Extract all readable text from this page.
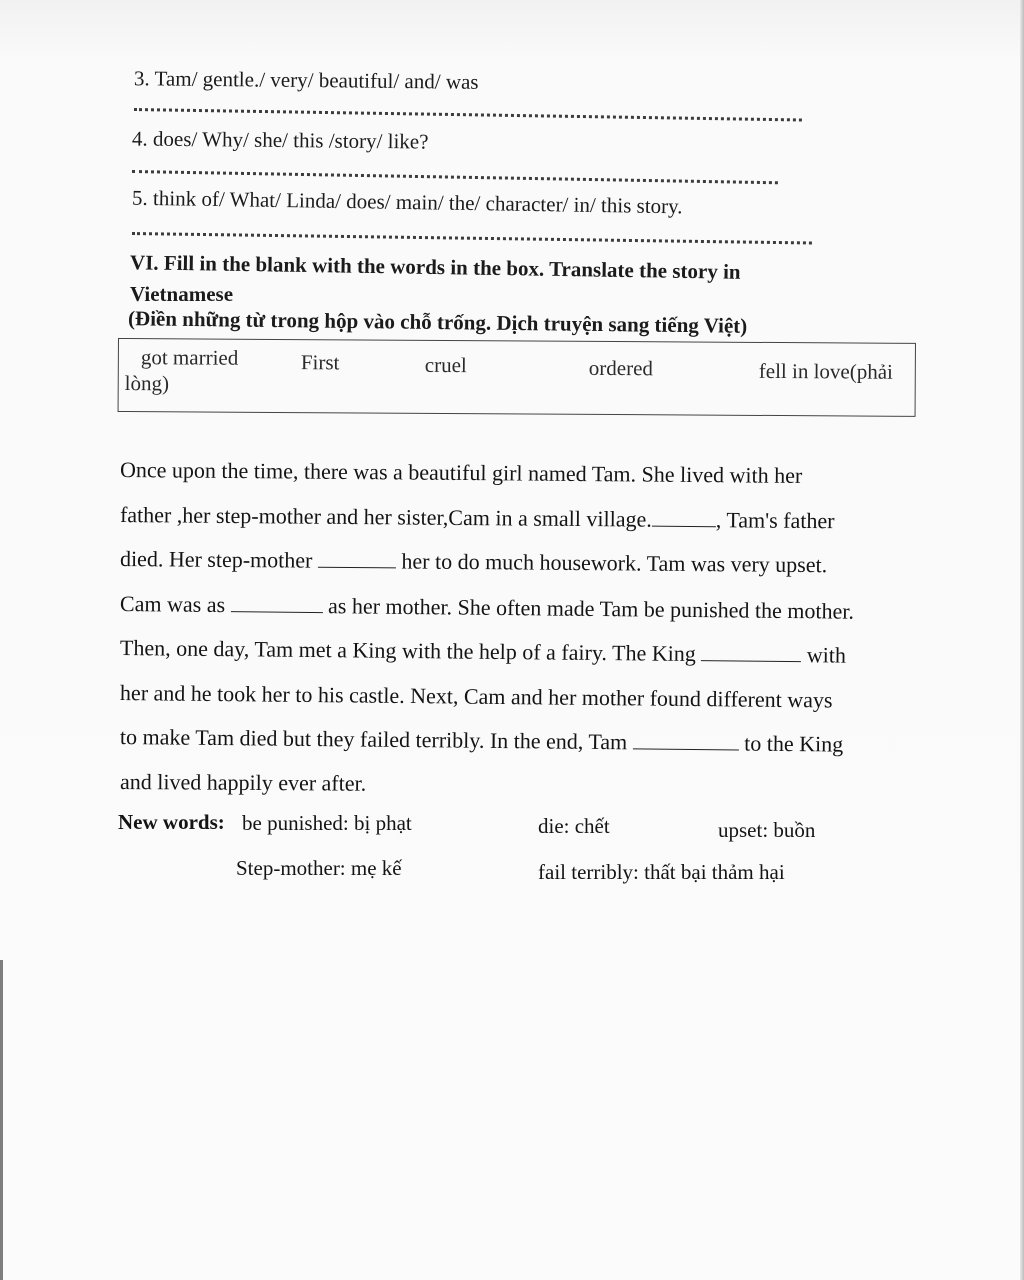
3. Tam/ gentle./ very/ beautiful/ and/ was
4. does/ Why/ she/ this /story/ like?
5. think of/ What/ Linda/ does/ main/ the/ character/ in/ this story.
VI. Fill in the blank with the words in the box. Translate the story in
Vietnamese
(Điền những từ trong hộp vào chỗ trống. Dịch truyện sang tiếng Việt)
got married	First	cruel	ordered	fell in love(phải
lòng)

Once upon the time, there was a beautiful girl named Tam. She lived with her

father ,her step-mother and her sister,Cam in a small village.	, Tam's father

died. Her step-mother	her to do much housework. Tam was very upset.

Cam was as	as her mother. She often made Tam be punished the mother.

Then, one day, Tam met a King with the help of a fairy. The King	with

her and he took her to his castle. Next, Cam and her mother found different ways

to make Tam died but they failed terribly. In the end, Tam	to the King

and lived happily ever after.

New words: be punished: bị phạt	die: chết	upset: buồn
Step-mother: mẹ kế	fail terribly: thất bại thảm hại
